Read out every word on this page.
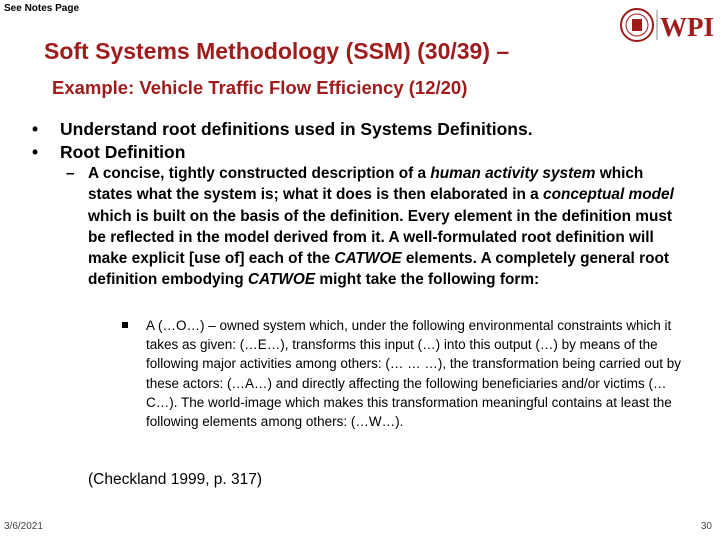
See Notes Page
WPI
Soft Systems Methodology (SSM) (30/39) –
Example: Vehicle Traffic Flow Efficiency (12/20)
• Understand root definitions used in Systems Definitions.
• Root Definition
– A concise, tightly constructed description of a human activity system which states what the system is; what it does is then elaborated in a conceptual model which is built on the basis of the definition. Every element in the definition must be reflected in the model derived from it. A well-formulated root definition will make explicit [use of] each of the CATWOE elements. A completely general root definition embodying CATWOE might take the following form:
A (…O…) – owned system which, under the following environmental constraints which it takes as given: (…E…), transforms this input (…) into this output (…) by means of the following major activities among others: (… … …), the transformation being carried out by these actors: (…A…) and directly affecting the following beneficiaries and/or victims (…C…). The world-image which makes this transformation meaningful contains at least the following elements among others: (…W…).
(Checkland 1999, p. 317)
3/6/2021	30
